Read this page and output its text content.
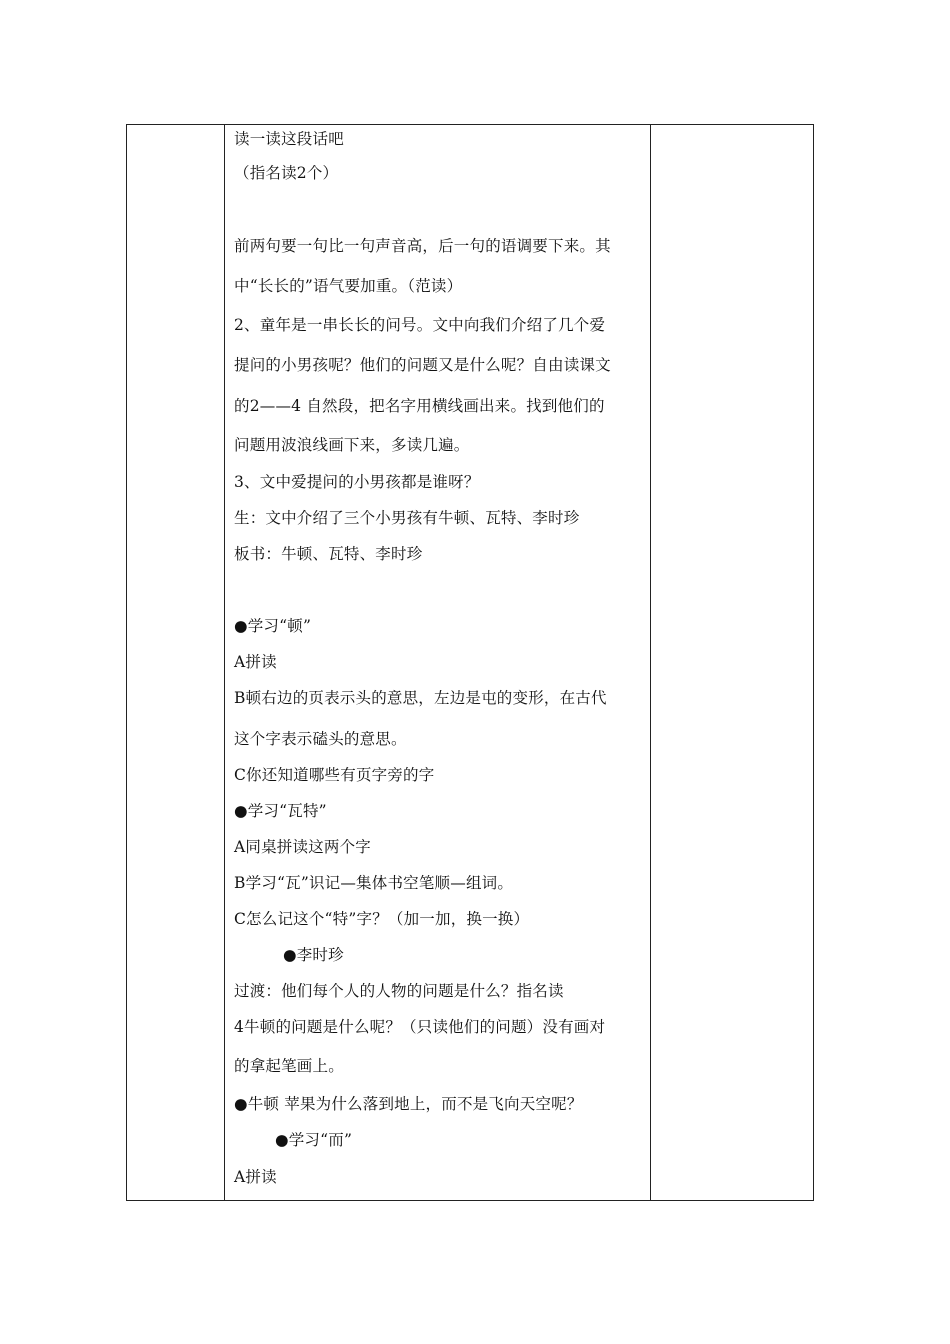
读一读这段话吧
（指名读2个）
前两句要一句比一句声音高，后一句的语调要下来。其
中“长长的”语气要加重。（范读）
2、童年是一串长长的问号。文中向我们介绍了几个爱
提问的小男孩呢？他们的问题又是什么呢？自由读课文
的2——4 自然段，把名字用横线画出来。找到他们的
问题用波浪线画下来，多读几遍。
3、文中爱提问的小男孩都是谁呀？
生：文中介绍了三个小男孩有牛顿、瓦特、李时珍
板书：牛顿、瓦特、李时珍
●学习“顿”
A拼读
B顿右边的页表示头的意思，左边是屯的变形，在古代
这个字表示磕头的意思。
C你还知道哪些有页字旁的字
●学习“瓦特”
A同桌拼读这两个字
B学习“瓦”识记—集体书空笔顺—组词。
C怎么记这个“特”字？（加一加，换一换）
●李时珍
过渡：他们每个人的人物的问题是什么？指名读
4牛顿的问题是什么呢？（只读他们的问题）没有画对
的拿起笔画上。
●牛顿 苹果为什么落到地上，而不是飞向天空呢？
●学习“而”
A拼读
